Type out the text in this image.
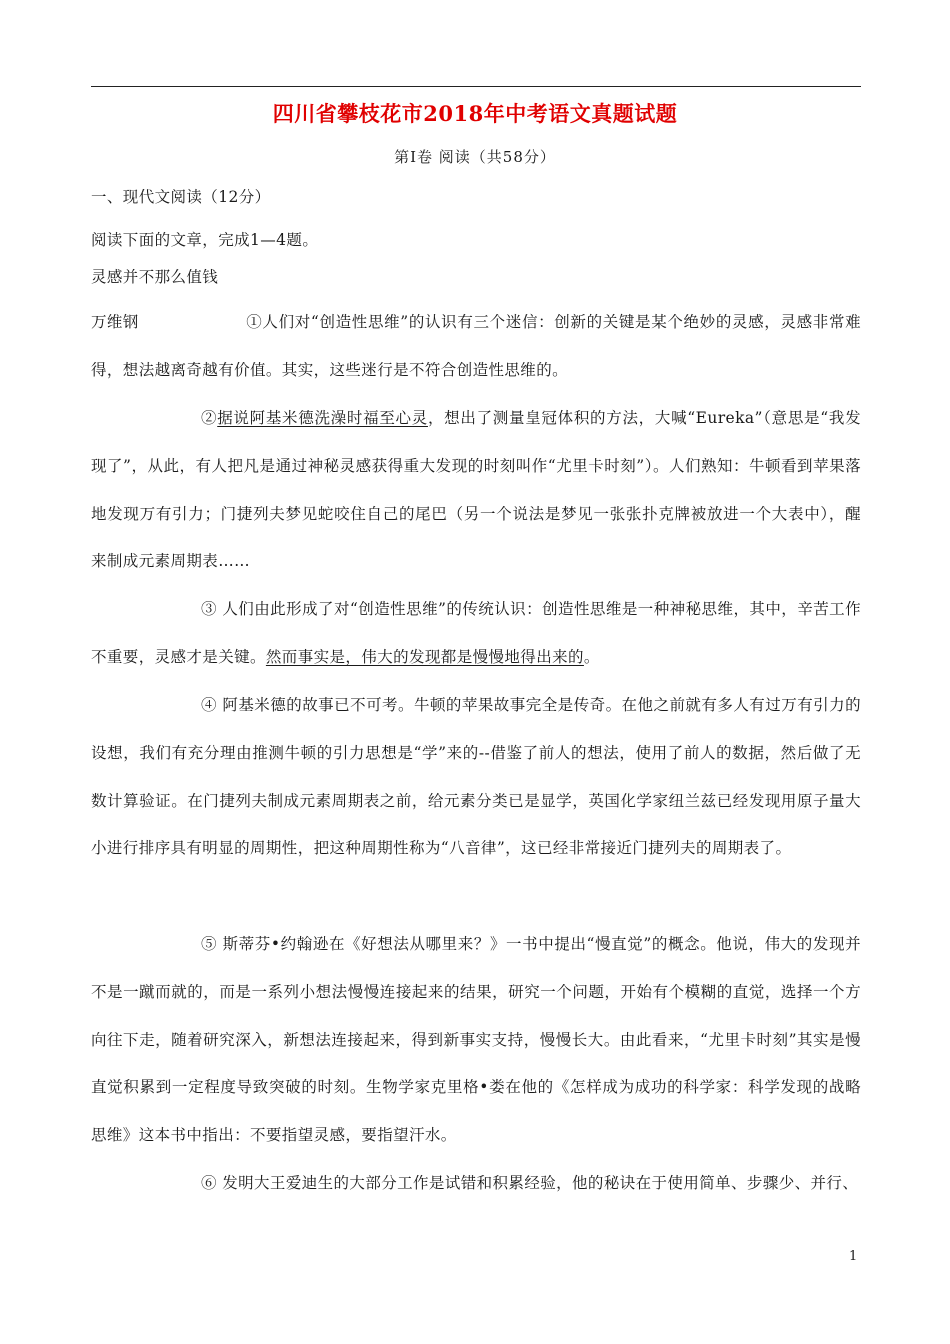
四川省攀枝花市2018年中考语文真题试题
第Ⅰ卷 阅读（共58分）
一、现代文阅读（12分）
阅读下面的文章，完成1—4题。
灵感并不那么值钱

万维钢	①人们对“创造性思维”的认识有三个迷信：创新的关键是某个绝妙的灵感，灵感非常难得，想法越离奇越有价值。其实，这些迷行是不符合创造性思维的。

②据说阿基米德洗澡时福至心灵，想出了测量皇冠体积的方法，大喊“Eureka”（意思是“我发现了”，从此，有人把凡是通过神秘灵感获得重大发现的时刻叫作“尤里卡时刻”）。人们熟知：牛顿看到苹果落地发现万有引力；门捷列夫梦见蛇咬住自己的尾巴（另一个说法是梦见一张张扑克牌被放进一个大表中），醒来制成元素周期表……

③ 人们由此形成了对“创造性思维”的传统认识：创造性思维是一种神秘思维，其中，辛苦工作不重要，灵感才是关键。然而事实是，伟大的发现都是慢慢地得出来的。

④ 阿基米德的故事已不可考。牛顿的苹果故事完全是传奇。在他之前就有多人有过万有引力的设想，我们有充分理由推测牛顿的引力思想是“学”来的--借鉴了前人的想法，使用了前人的数据，然后做了无数计算验证。在门捷列夫制成元素周期表之前，给元素分类已是显学，英国化学家纽兰兹已经发现用原子量大小进行排序具有明显的周期性，把这种周期性称为“八音律”，这已经非常接近门捷列夫的周期表了。

⑤ 斯蒂芬•约翰逊在《好想法从哪里来？》一书中提出“慢直觉”的概念。他说，伟大的发现并不是一蹴而就的，而是一系列小想法慢慢连接起来的结果，研究一个问题，开始有个模糊的直觉，选择一个方向往下走，随着研究深入，新想法连接起来，得到新事实支持，慢慢长大。由此看来，“尤里卡时刻”其实是慢直觉积累到一定程度导致突破的时刻。生物学家克里格•娄在他的《怎样成为成功的科学家：科学发现的战略思维》这本书中指出：不要指望灵感，要指望汗水。

⑥ 发明大王爱迪生的大部分工作是试错和积累经验，他的秘诀在于使用简单、步骤少、并行、

1
